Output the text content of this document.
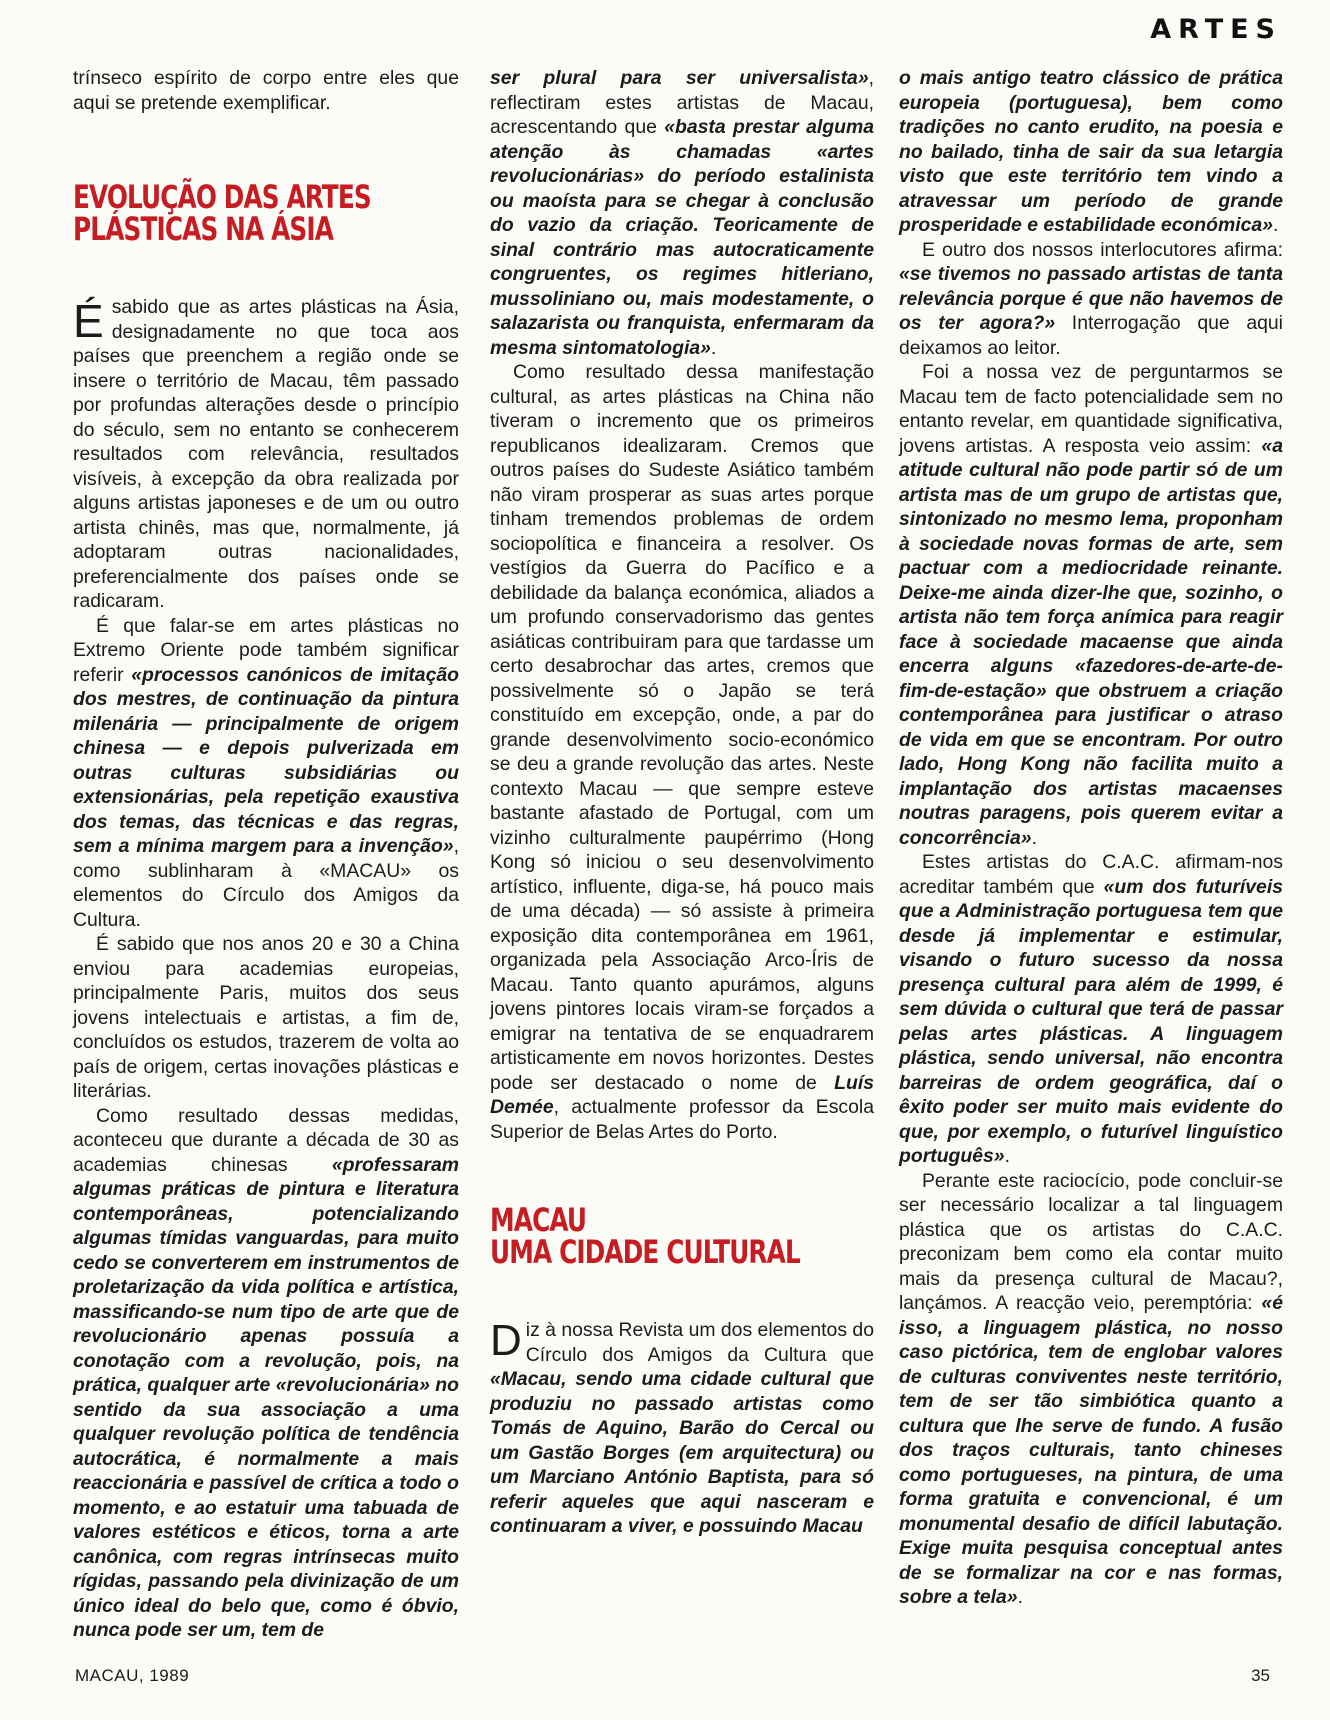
ARTES

trínseco espírito de corpo entre eles que aqui se pretende exemplificar.

EVOLUÇÃO DAS ARTES
PLÁSTICAS NA ÁSIA

Ésabido que as artes plásticas na Ásia, designadamente no que toca aos países que preenchem a região onde se insere o território de Macau, têm passado por profundas alterações desde o princípio do século, sem no entanto se conhecerem resultados com relevância, resultados visíveis, à excepção da obra realizada por alguns artistas japoneses e de um ou outro artista chinês, mas que, normalmente, já adoptaram outras nacionalidades, preferencialmente dos países onde se radicaram.

É que falar-se em artes plásticas no Extremo Oriente pode também significar referir «processos canónicos de imitação dos mestres, de continuação da pintura milenária — principalmente de origem chinesa — e depois pulverizada em outras culturas subsidiárias ou extensionárias, pela repetição exaustiva dos temas, das técnicas e das regras, sem a mínima margem para a invenção», como sublinharam à «MACAU» os elementos do Círculo dos Amigos da Cultura.

É sabido que nos anos 20 e 30 a China enviou para academias europeias, principalmente Paris, muitos dos seus jovens intelectuais e artistas, a fim de, concluídos os estudos, trazerem de volta ao país de origem, certas inovações plásticas e literárias.

Como resultado dessas medidas, aconteceu que durante a década de 30 as academias chinesas «professaram algumas práticas de pintura e literatura contemporâneas, potencializando algumas tímidas vanguardas, para muito cedo se converterem em instrumentos de proletarização da vida política e artística, massificando-se num tipo de arte que de revolucionário apenas possuía a conotação com a revolução, pois, na prática, qualquer arte «revolucionária» no sentido da sua associação a uma qualquer revolução política de tendência autocrática, é normalmente a mais reaccionária e passível de crítica a todo o momento, e ao estatuir uma tabuada de valores estéticos e éticos, torna a arte canônica, com regras intrínsecas muito rígidas, passando pela divinização de um único ideal do belo que, como é óbvio, nunca pode ser um, tem de

ser plural para ser universalista», reflectiram estes artistas de Macau, acrescentando que «basta prestar alguma atenção às chamadas «artes revolucionárias» do período estalinista ou maoísta para se chegar à conclusão do vazio da criação. Teoricamente de sinal contrário mas autocraticamente congruentes, os regimes hitleriano, mussoliniano ou, mais modestamente, o salazarista ou franquista, enfermaram da mesma sintomatologia».

Como resultado dessa manifestação cultural, as artes plásticas na China não tiveram o incremento que os primeiros republicanos idealizaram. Cremos que outros países do Sudeste Asiático também não viram prosperar as suas artes porque tinham tremendos problemas de ordem sociopolítica e financeira a resolver. Os vestígios da Guerra do Pacífico e a debilidade da balança económica, aliados a um profundo conservadorismo das gentes asiáticas contribuiram para que tardasse um certo desabrochar das artes, cremos que possivelmente só o Japão se terá constituído em excepção, onde, a par do grande desenvolvimento socio-económico se deu a grande revolução das artes. Neste contexto Macau — que sempre esteve bastante afastado de Portugal, com um vizinho culturalmente paupérrimo (Hong Kong só iniciou o seu desenvolvimento artístico, influente, diga-se, há pouco mais de uma década) — só assiste à primeira exposição dita contemporânea em 1961, organizada pela Associação Arco-Íris de Macau. Tanto quanto apurámos, alguns jovens pintores locais viram-se forçados a emigrar na tentativa de se enquadrarem artisticamente em novos horizontes. Destes pode ser destacado o nome de Luís Demée, actualmente professor da Escola Superior de Belas Artes do Porto.

MACAU
UMA CIDADE CULTURAL

Diz à nossa Revista um dos elementos do Círculo dos Amigos da Cultura que «Macau, sendo uma cidade cultural que produziu no passado artistas como Tomás de Aquino, Barão do Cercal ou um Gastão Borges (em arquitectura) ou um Marciano António Baptista, para só referir aqueles que aqui nasceram e continuaram a viver, e possuindo Macau

o mais antigo teatro clássico de prática europeia (portuguesa), bem como tradições no canto erudito, na poesia e no bailado, tinha de sair da sua letargia visto que este território tem vindo a atravessar um período de grande prosperidade e estabilidade económica».

E outro dos nossos interlocutores afirma: «se tivemos no passado artistas de tanta relevância porque é que não havemos de os ter agora?» Interrogação que aqui deixamos ao leitor.

Foi a nossa vez de perguntarmos se Macau tem de facto potencialidade sem no entanto revelar, em quantidade significativa, jovens artistas. A resposta veio assim: «a atitude cultural não pode partir só de um artista mas de um grupo de artistas que, sintonizado no mesmo lema, proponham à sociedade novas formas de arte, sem pactuar com a mediocridade reinante. Deixe-me ainda dizer-lhe que, sozinho, o artista não tem força anímica para reagir face à sociedade macaense que ainda encerra alguns «fazedores-de-arte-de-fim-de-estação» que obstruem a criação contemporânea para justificar o atraso de vida em que se encontram. Por outro lado, Hong Kong não facilita muito a implantação dos artistas macaenses noutras paragens, pois querem evitar a concorrência».

Estes artistas do C.A.C. afirmam-nos acreditar também que «um dos futuríveis que a Administração portuguesa tem que desde já implementar e estimular, visando o futuro sucesso da nossa presença cultural para além de 1999, é sem dúvida o cultural que terá de passar pelas artes plásticas. A linguagem plástica, sendo universal, não encontra barreiras de ordem geográfica, daí o êxito poder ser muito mais evidente do que, por exemplo, o futurível linguístico português».

Perante este raciocício, pode concluir-se ser necessário localizar a tal linguagem plástica que os artistas do C.A.C. preconizam bem como ela contar muito mais da presença cultural de Macau?, lançámos. A reacção veio, peremptória: «é isso, a linguagem plástica, no nosso caso pictórica, tem de englobar valores de culturas conviventes neste território, tem de ser tão simbiótica quanto a cultura que lhe serve de fundo. A fusão dos traços culturais, tanto chineses como portugueses, na pintura, de uma forma gratuita e convencional, é um monumental desafio de difícil labutação. Exige muita pesquisa conceptual antes de se formalizar na cor e nas formas, sobre a tela».

MACAU, 1989	35
